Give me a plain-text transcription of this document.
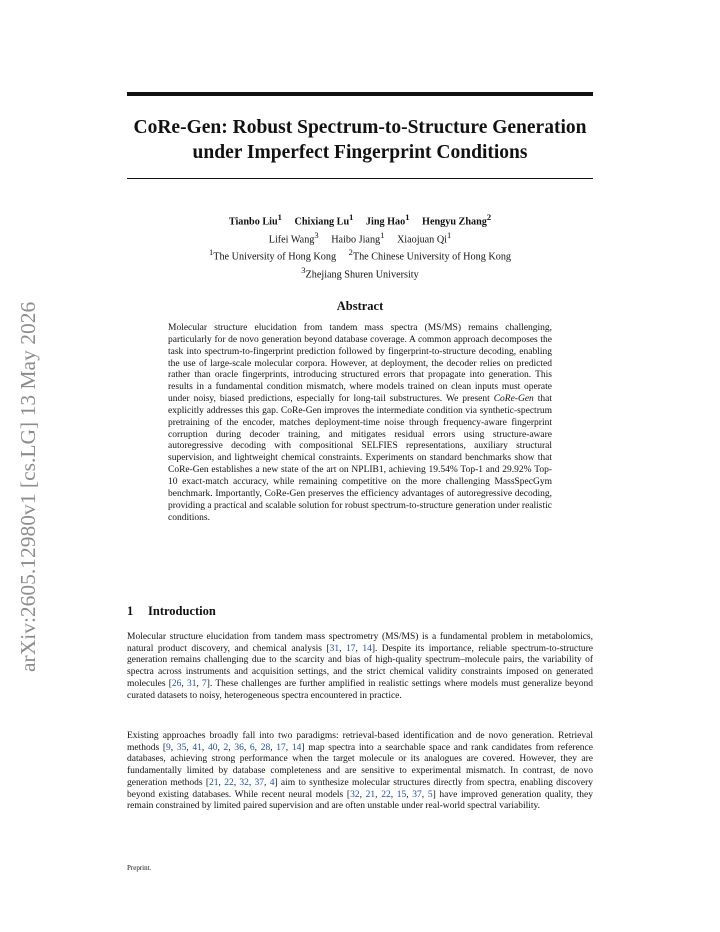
arXiv:2605.12980v1 [cs.LG] 13 May 2026
CoRe-Gen: Robust Spectrum-to-Structure Generation
under Imperfect Fingerprint Conditions
Tianbo Liu$^1$ Chixiang Lu$^1$ Jing Hao$^1$ Hengyu Zhang$^2$
Lifei Wang$^3$ Haibo Jiang$^1$ Xiaojuan Qi$^1$
$^1$The University of Hong Kong $^2$The Chinese University of Hong Kong
$^3$Zhejiang Shuren University
Abstract

Molecular structure elucidation from tandem mass spectra (MS/MS) remains challenging, particularly for de novo generation beyond database coverage. A common approach decomposes the task into spectrum-to-fingerprint prediction followed by fingerprint-to-structure decoding, enabling the use of large-scale molecular corpora. However, at deployment, the decoder relies on predicted rather than oracle fingerprints, introducing structured errors that propagate into generation. This results in a fundamental condition mismatch, where models trained on clean inputs must operate under noisy, biased predictions, especially for long-tail substructures. We present CoRe-Gen that explicitly addresses this gap. CoRe-Gen improves the intermediate condition via synthetic-spectrum pretraining of the encoder, matches deployment-time noise through frequency-aware fingerprint corruption during decoder training, and mitigates residual errors using structure-aware autoregressive decoding with compositional SELFIES representations, auxiliary structural supervision, and lightweight chemical constraints. Experiments on standard benchmarks show that CoRe-Gen establishes a new state of the art on NPLIB1, achieving 19.54% Top-1 and 29.92% Top-10 exact-match accuracy, while remaining competitive on the more challenging MassSpecGym benchmark. Importantly, CoRe-Gen preserves the efficiency advantages of autoregressive decoding, providing a practical and scalable solution for robust spectrum-to-structure generation under realistic conditions.

1 Introduction

Molecular structure elucidation from tandem mass spectrometry (MS/MS) is a fundamental problem in metabolomics, natural product discovery, and chemical analysis [31, 17, 14]. Despite its importance, reliable spectrum-to-structure generation remains challenging due to the scarcity and bias of high-quality spectrum–molecule pairs, the variability of spectra across instruments and acquisition settings, and the strict chemical validity constraints imposed on generated molecules [26, 31, 7]. These challenges are further amplified in realistic settings where models must generalize beyond curated datasets to noisy, heterogeneous spectra encountered in practice.

Existing approaches broadly fall into two paradigms: retrieval-based identification and de novo generation. Retrieval methods [9, 35, 41, 40, 2, 36, 6, 28, 17, 14] map spectra into a searchable space and rank candidates from reference databases, achieving strong performance when the target molecule or its analogues are covered. However, they are fundamentally limited by database completeness and are sensitive to experimental mismatch. In contrast, de novo generation methods [21, 22, 32, 37, 4] aim to synthesize molecular structures directly from spectra, enabling discovery beyond existing databases. While recent neural models [32, 21, 22, 15, 37, 5] have improved generation quality, they remain constrained by limited paired supervision and are often unstable under real-world spectral variability.

Preprint.
